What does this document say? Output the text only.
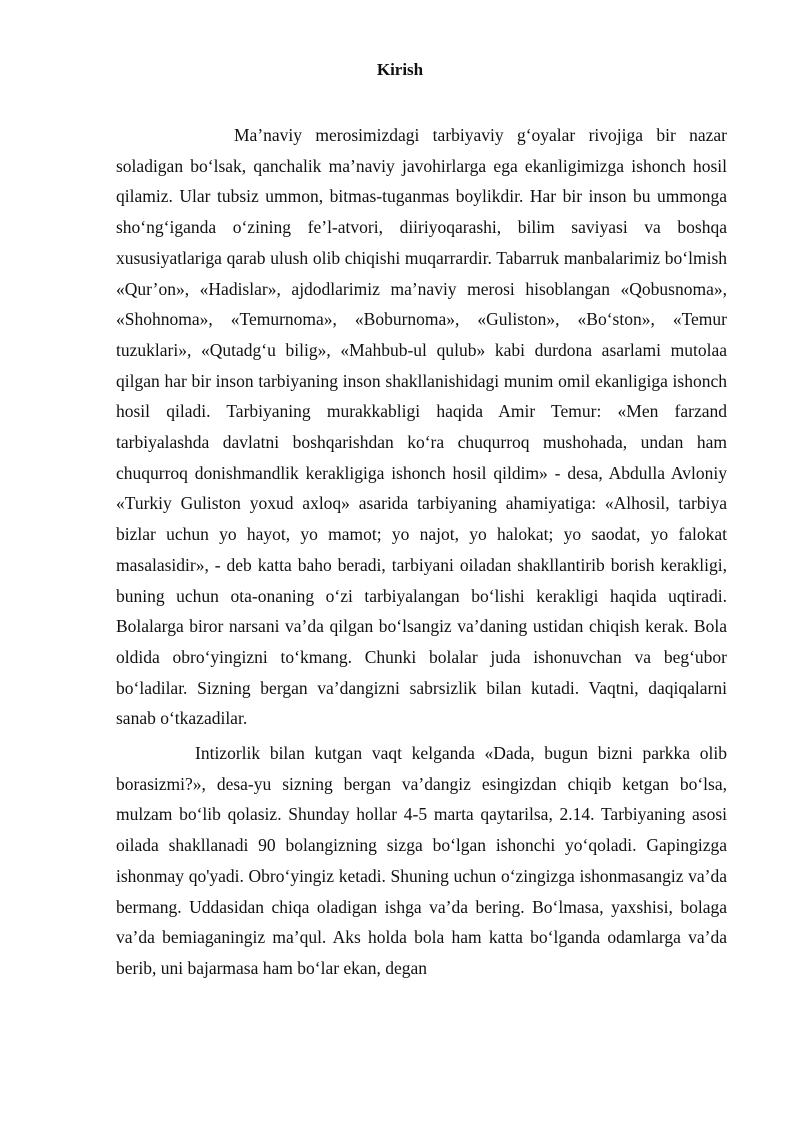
Kirish

Ma’naviy merosimizdagi tarbiyaviy g‘oyalar rivojiga bir nazar soladigan bo‘lsak, qanchalik ma’naviy javohirlarga ega ekanligimizga ishonch hosil qilamiz. Ular tubsiz ummon, bitmas-tuganmas boylikdir. Har bir inson bu ummonga sho‘ng‘iganda o‘zining fe’l-atvori, diiriyoqarashi, bilim saviyasi va boshqa xususiyatlariga qarab ulush olib chiqishi muqarrardir. Tabarruk manbalarimiz bo‘lmish «Qur’on», «Hadislar», ajdodlarimiz ma’naviy merosi hisoblangan «Qobusnoma», «Shohnoma», «Temurnoma», «Boburnoma», «Guliston», «Bo‘ston», «Temur tuzuklari», «Qutadg‘u bilig», «Mahbub-ul qulub» kabi durdona asarlami mutolaa qilgan har bir inson tarbiyaning inson shakllanishidagi munim omil ekanligiga ishonch hosil qiladi. Tarbiyaning murakkabligi haqida Amir Temur: «Men farzand tarbiyalashda davlatni boshqarishdan ko‘ra chuqurroq mushohada, undan ham chuqurroq donishmandlik kerakligiga ishonch hosil qildim» - desa, Abdulla Avloniy «Turkiy Guliston yoxud axloq» asarida tarbiyaning ahamiyatiga: «Alhosil, tarbiya bizlar uchun yo hayot, yo mamot; yo najot, yo halokat; yo saodat, yo falokat masalasidir», - deb katta baho beradi, tarbiyani oiladan shakllantirib borish kerakligi, buning uchun ota-onaning o‘zi tarbiyalangan bo‘lishi kerakligi haqida uqtiradi. Bolalarga biror narsani va’da qilgan bo‘lsangiz va’daning ustidan chiqish kerak. Bola oldida obro‘yingizni to‘kmang. Chunki bolalar juda ishonuvchan va beg‘ubor bo‘ladilar. Sizning bergan va’dangizni sabrsizlik bilan kutadi. Vaqtni, daqiqalarni sanab o‘tkazadilar.

Intizorlik bilan kutgan vaqt kelganda «Dada, bugun bizni parkka olib borasizmi?», desa-yu sizning bergan va’dangiz esingizdan chiqib ketgan bo‘lsa, mulzam bo‘lib qolasiz. Shunday hollar 4-5 marta qaytarilsa, 2.14. Tarbiyaning asosi oilada shakllanadi 90 bolangizning sizga bo‘lgan ishonchi yo‘qoladi. Gapingizga ishonmay qo'yadi. Obro‘yingiz ketadi. Shuning uchun o‘zingizga ishonmasangiz va’da bermang. Uddasidan chiqa oladigan ishga va’da bering. Bo‘lmasa, yaxshisi, bolaga va’da bemiaganingiz ma’qul. Aks holda bola ham katta bo‘lganda odamlarga va’da berib, uni bajarmasa ham bo‘lar ekan, degan
